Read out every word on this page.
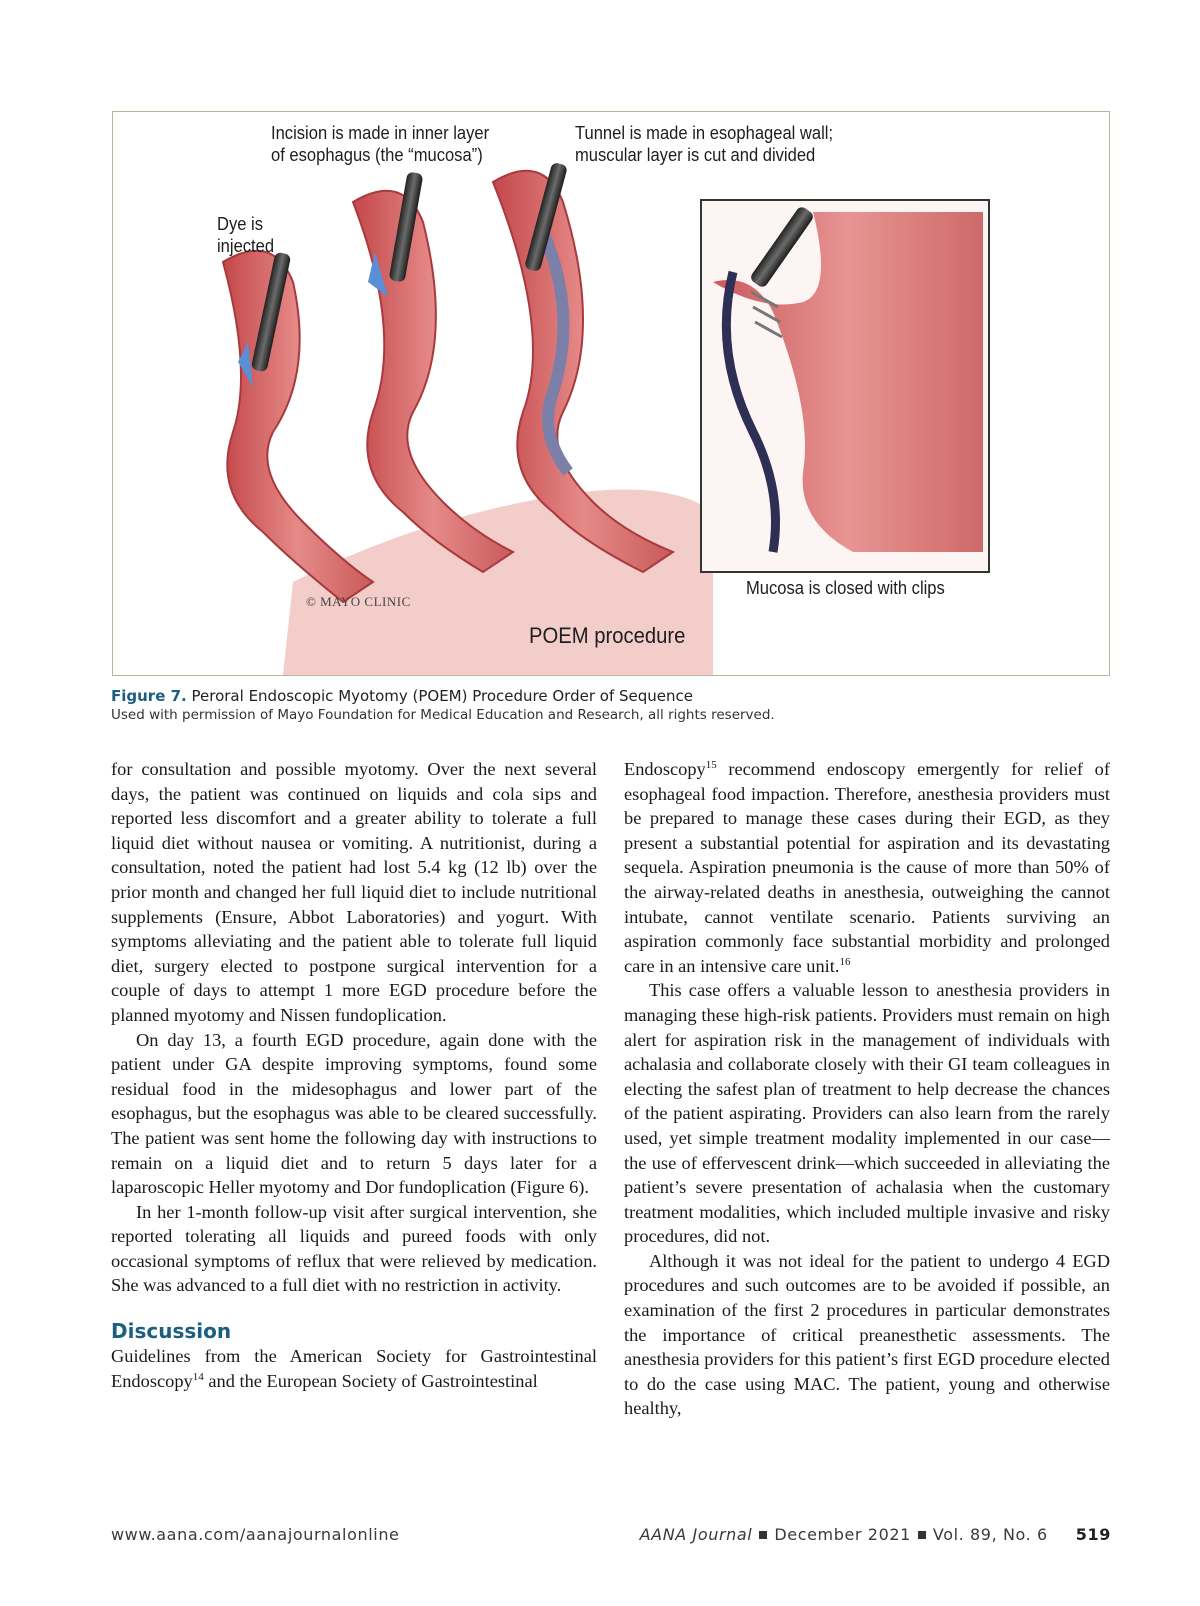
Dye is
injected
Incision is made in inner layer
of esophagus (the “mucosa”)
Tunnel is made in esophageal wall;
muscular layer is cut and divided
Mucosa is closed with clips
© MAYO CLINIC
POEM procedure
Figure 7. Peroral Endoscopic Myotomy (POEM) Procedure Order of Sequence
Used with permission of Mayo Foundation for Medical Education and Research, all rights reserved.

for consultation and possible myotomy. Over the next several days, the patient was continued on liquids and cola sips and reported less discomfort and a greater ability to tolerate a full liquid diet without nausea or vomiting. A nutritionist, during a consultation, noted the patient had lost 5.4 kg (12 lb) over the prior month and changed her full liquid diet to include nutritional supplements (Ensure, Abbot Laboratories) and yogurt. With symptoms alleviating and the patient able to tolerate full liquid diet, surgery elected to postpone surgical intervention for a couple of days to attempt 1 more EGD procedure before the planned myotomy and Nissen fundoplication.

On day 13, a fourth EGD procedure, again done with the patient under GA despite improving symptoms, found some residual food in the midesophagus and lower part of the esophagus, but the esophagus was able to be cleared successfully. The patient was sent home the following day with instructions to remain on a liquid diet and to return 5 days later for a laparoscopic Heller myotomy and Dor fundoplication (Figure 6).

In her 1-month follow-up visit after surgical intervention, she reported tolerating all liquids and pureed foods with only occasional symptoms of reflux that were relieved by medication. She was advanced to a full diet with no restriction in activity.

Discussion

Guidelines from the American Society for Gastrointestinal Endoscopy$^{14}$ and the European Society of Gastrointestinal

Endoscopy$^{15}$ recommend endoscopy emergently for relief of esophageal food impaction. Therefore, anesthesia providers must be prepared to manage these cases during their EGD, as they present a substantial potential for aspiration and its devastating sequela. Aspiration pneumonia is the cause of more than 50% of the airway-related deaths in anesthesia, outweighing the cannot intubate, cannot ventilate scenario. Patients surviving an aspiration commonly face substantial morbidity and prolonged care in an intensive care unit.$^{16}$

This case offers a valuable lesson to anesthesia providers in managing these high-risk patients. Providers must remain on high alert for aspiration risk in the management of individuals with achalasia and collaborate closely with their GI team colleagues in electing the safest plan of treatment to help decrease the chances of the patient aspirating. Providers can also learn from the rarely used, yet simple treatment modality implemented in our case—the use of effervescent drink—which succeeded in alleviating the patient’s severe presentation of achalasia when the customary treatment modalities, which included multiple invasive and risky procedures, did not.

Although it was not ideal for the patient to undergo 4 EGD procedures and such outcomes are to be avoided if possible, an examination of the first 2 procedures in particular demonstrates the importance of critical preanesthetic assessments. The anesthesia providers for this patient’s first EGD procedure elected to do the case using MAC. The patient, young and otherwise healthy,

www.aana.com/aanajournalonline	AANA Journal December 2021 Vol. 89, No. 6 519
